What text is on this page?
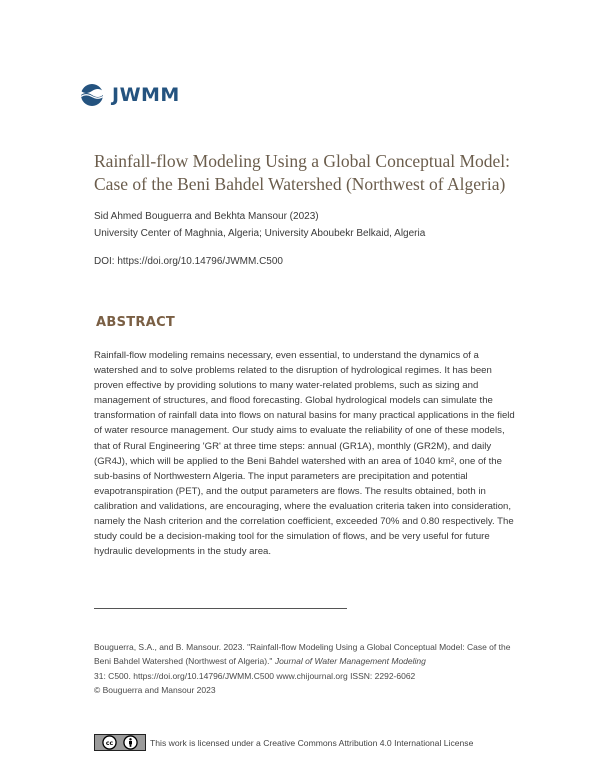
JWMM
Rainfall-flow Modeling Using a Global Conceptual Model:
Case of the Beni Bahdel Watershed (Northwest of Algeria)
Sid Ahmed Bouguerra and Bekhta Mansour (2023)
University Center of Maghnia, Algeria; University Aboubekr Belkaid, Algeria
DOI: https://doi.org/10.14796/JWMM.C500
ABSTRACT
Rainfall-flow modeling remains necessary, even essential, to understand the dynamics of a watershed and to solve problems related to the disruption of hydrological regimes. It has been proven effective by providing solutions to many water-related problems, such as sizing and management of structures, and flood forecasting. Global hydrological models can simulate the transformation of rainfall data into flows on natural basins for many practical applications in the field of water resource management. Our study aims to evaluate the reliability of one of these models, that of Rural Engineering 'GR' at three time steps: annual (GR1A), monthly (GR2M), and daily (GR4J), which will be applied to the Beni Bahdel watershed with an area of 1040 km², one of the sub-basins of Northwestern Algeria. The input parameters are precipitation and potential evapotranspiration (PET), and the output parameters are flows. The results obtained, both in calibration and validations, are encouraging, where the evaluation criteria taken into consideration, namely the Nash criterion and the correlation coefficient, exceeded 70% and 0.80 respectively. The study could be a decision-making tool for the simulation of flows, and be very useful for future hydraulic developments in the study area.
Bouguerra, S.A., and B. Mansour. 2023. "Rainfall-flow Modeling Using a Global Conceptual Model: Case of the Beni Bahdel Watershed (Northwest of Algeria)." Journal of Water Management Modeling
31: C500. https://doi.org/10.14796/JWMM.C500 www.chijournal.org ISSN: 2292-6062
© Bouguerra and Mansour 2023
cc	This work is licensed under a Creative Commons Attribution 4.0 International License
